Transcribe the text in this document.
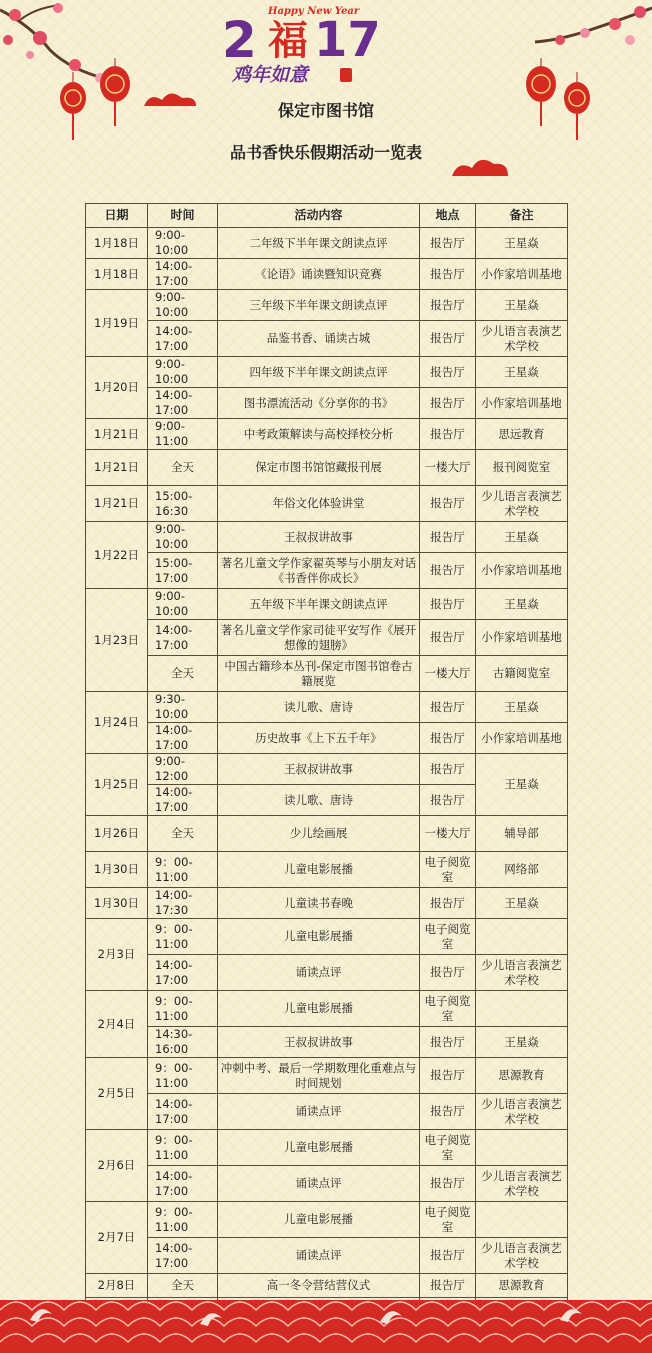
Happy New Year
2 福 17
鸡年如意
保定市图书馆
品书香快乐假期活动一览表
日期	时间	活动内容	地点	备注
1月18日	9:00-10:00	二年级下半年课文朗读点评	报告厅	王星焱
1月18日	14:00-17:00	《论语》诵读暨知识竞赛	报告厅	小作家培训基地
1月19日	9:00-10:00	三年级下半年课文朗读点评	报告厅	王星焱
	14:00-17:00	品鉴书香、诵读古城	报告厅	少儿语言表演艺术学校
1月20日	9:00-10:00	四年级下半年课文朗读点评	报告厅	王星焱
	14:00-17:00	图书漂流活动《分享你的书》	报告厅	小作家培训基地
1月21日	9:00-11:00	中考政策解读与高校择校分析	报告厅	思远教育
1月21日	全天	保定市图书馆馆藏报刊展	一楼大厅	报刊阅览室
1月21日	15:00-16:30	年俗文化体验讲堂	报告厅	少儿语言表演艺术学校
1月22日	9:00-10:00	王叔叔讲故事	报告厅	王星焱
	15:00-17:00	著名儿童文学作家翟英琴与小朋友对话《书香伴你成长》	报告厅	小作家培训基地
1月23日	9:00-10:00	五年级下半年课文朗读点评	报告厅	王星焱
	14:00-17:00	著名儿童文学作家司徒平安写作《展开想像的翅膀》	报告厅	小作家培训基地
	全天	中国古籍珍本丛刊-保定市图书馆卷古籍展览	一楼大厅	古籍阅览室
1月24日	9:30-10:00	读儿歌、唐诗	报告厅	王星焱
	14:00-17:00	历史故事《上下五千年》	报告厅	小作家培训基地
1月25日	9:00-12:00	王叔叔讲故事	报告厅	王星焱
	14:00-17:00	读儿歌、唐诗	报告厅	
1月26日	全天	少儿绘画展	一楼大厅	辅导部
1月30日	9：00-11:00	儿童电影展播	电子阅览室	网络部
1月30日	14:00-17:30	儿童读书春晚	报告厅	王星焱
2月3日	9：00-11:00	儿童电影展播	电子阅览室	
	14:00-17:00	诵读点评	报告厅	少儿语言表演艺术学校
2月4日	9：00-11:00	儿童电影展播	电子阅览室	
	14:30-16:00	王叔叔讲故事	报告厅	王星焱
2月5日	9：00-11:00	冲刺中考、最后一学期数理化重难点与时间规划	报告厅	思源教育
	14:00-17:00	诵读点评	报告厅	少儿语言表演艺术学校
2月6日	9：00-11:00	儿童电影展播	电子阅览室	
	14:00-17:00	诵读点评	报告厅	少儿语言表演艺术学校
2月7日	9：00-11:00	儿童电影展播	电子阅览室	
	14:00-17:00	诵读点评	报告厅	少儿语言表演艺术学校
2月8日	全天	高一冬令营结营仪式	报告厅	思源教育
